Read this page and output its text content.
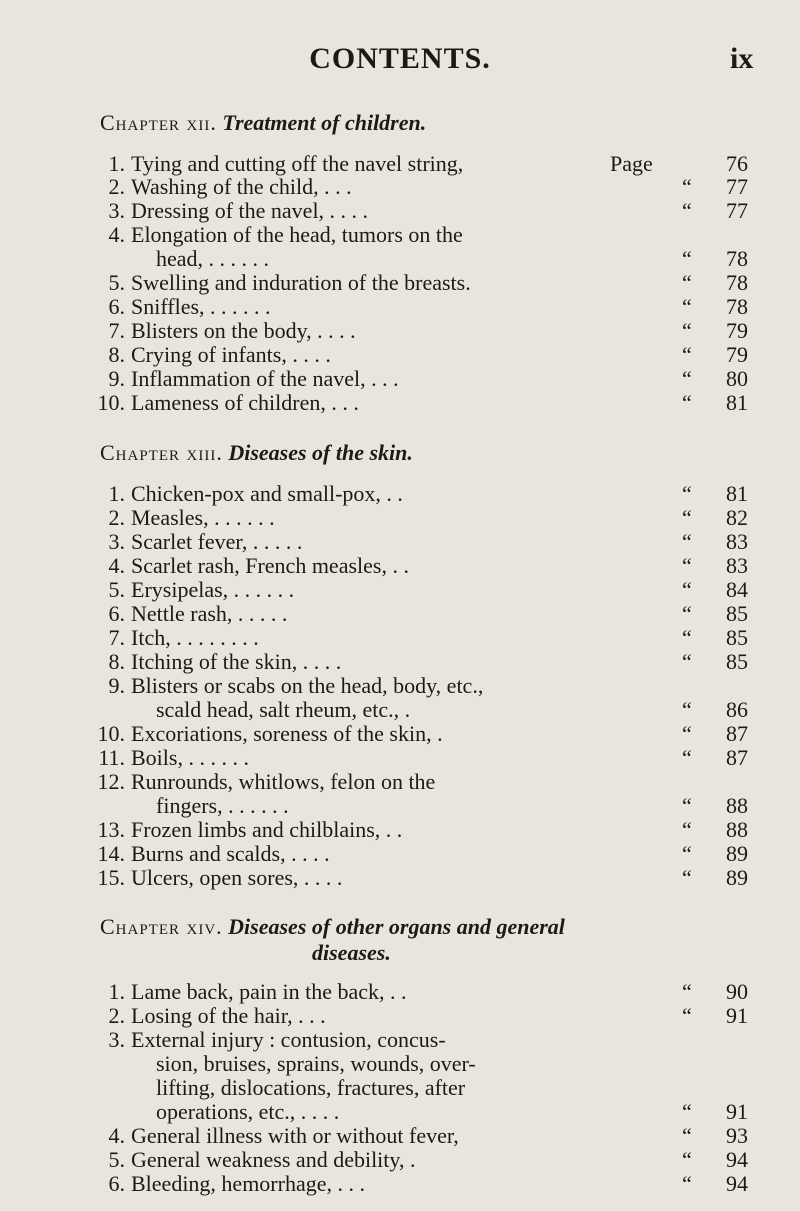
CONTENTS.	ix
Chapter xii. Treatment of children.
1. Tying and cutting off the navel string,	Page	76
2. Washing of the child, . . .	“ 77
3. Dressing of the navel, . . . .	“ 77
4. Elongation of the head, tumors on the
head, . . . . . .	“ 78
5. Swelling and induration of the breasts.	“ 78
6. Sniffles, . . . . . .	“ 78
7. Blisters on the body, . . . .	“ 79
8. Crying of infants, . . . .	“ 79
9. Inflammation of the navel, . . .	“ 80
10. Lameness of children, . . .	“ 81
Chapter xiii. Diseases of the skin.
1. Chicken-pox and small-pox, . .	“ 81
2. Measles, . . . . . .	“ 82
3. Scarlet fever, . . . . .	“ 83
4. Scarlet rash, French measles, . .	“ 83
5. Erysipelas, . . . . . .	“ 84
6. Nettle rash, . . . . .	“ 85
7. Itch, . . . . . . . .	“ 85
8. Itching of the skin, . . . .	“ 85
9. Blisters or scabs on the head, body, etc.,
scald head, salt rheum, etc., .	“ 86
10. Excoriations, soreness of the skin, .	“ 87
11. Boils, . . . . . .	“ 87
12. Runrounds, whitlows, felon on the
fingers, . . . . . .	“ 88
13. Frozen limbs and chilblains, . .	“ 88
14. Burns and scalds, . . . .	“ 89
15. Ulcers, open sores, . . . .	“ 89
Chapter xiv. Diseases of other organs and general
diseases.
1. Lame back, pain in the back, . .	“ 90
2. Losing of the hair, . . .	“ 91
3. External injury : contusion, concus-
sion, bruises, sprains, wounds, over-
lifting, dislocations, fractures, after
operations, etc., . . . .	“ 91
4. General illness with or without fever,	“ 93
5. General weakness and debility, .	“ 94
6. Bleeding, hemorrhage, . . .	“ 94
